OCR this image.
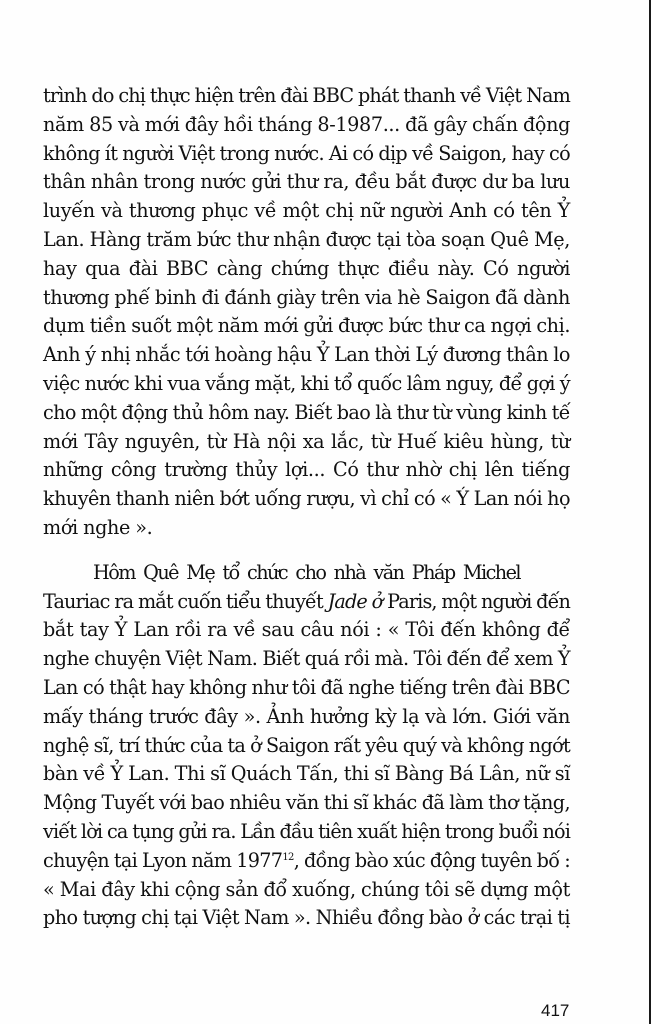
trình do chị thực hiện trên đài BBC phát thanh về Việt Nam
năm 85 và mới đây hồi tháng 8-1987... đã gây chấn động
không ít người Việt trong nước. Ai có dịp về Saigon, hay có
thân nhân trong nước gửi thư ra, đều bắt được dư ba lưu
luyến và thương phục về một chị nữ người Anh có tên Ỷ
Lan. Hàng trăm bức thư nhận được tại tòa soạn Quê Mẹ,
hay qua đài BBC càng chứng thực điều này. Có người
thương phế binh đi đánh giày trên via hè Saigon đã dành
dụm tiền suốt một năm mới gửi được bức thư ca ngợi chị.
Anh ý nhị nhắc tới hoàng hậu Ỷ Lan thời Lý đương thân lo
việc nước khi vua vắng mặt, khi tổ quốc lâm nguy, để gợi ý
cho một động thủ hôm nay. Biết bao là thư từ vùng kinh tế
mới Tây nguyên, từ Hà nội xa lắc, từ Huế kiêu hùng, từ
những công trường thủy lợi... Có thư nhờ chị lên tiếng
khuyên thanh niên bớt uống rượu, vì chỉ có « Ý Lan nói họ
mới nghe ».

Hôm Quê Mẹ tổ chức cho nhà văn Pháp Michel
Tauriac ra mắt cuốn tiểu thuyết Jade ở Paris, một người đến
bắt tay Ỷ Lan rồi ra về sau câu nói : « Tôi đến không để
nghe chuyện Việt Nam. Biết quá rồi mà. Tôi đến để xem Ỷ
Lan có thật hay không như tôi đã nghe tiếng trên đài BBC
mấy tháng trước đây ». Ảnh hưởng kỳ lạ và lớn. Giới văn
nghệ sĩ, trí thức của ta ở Saigon rất yêu quý và không ngớt
bàn về Ỷ Lan. Thi sĩ Quách Tấn, thi sĩ Bàng Bá Lân, nữ sĩ
Mộng Tuyết với bao nhiêu văn thi sĩ khác đã làm thơ tặng,
viết lời ca tụng gửi ra. Lần đầu tiên xuất hiện trong buổi nói
chuyện tại Lyon năm 1977$^{12}$, đồng bào xúc động tuyên bố :
« Mai đây khi cộng sản đổ xuống, chúng tôi sẽ dựng một
pho tượng chị tại Việt Nam ». Nhiều đồng bào ở các trại tị

417
